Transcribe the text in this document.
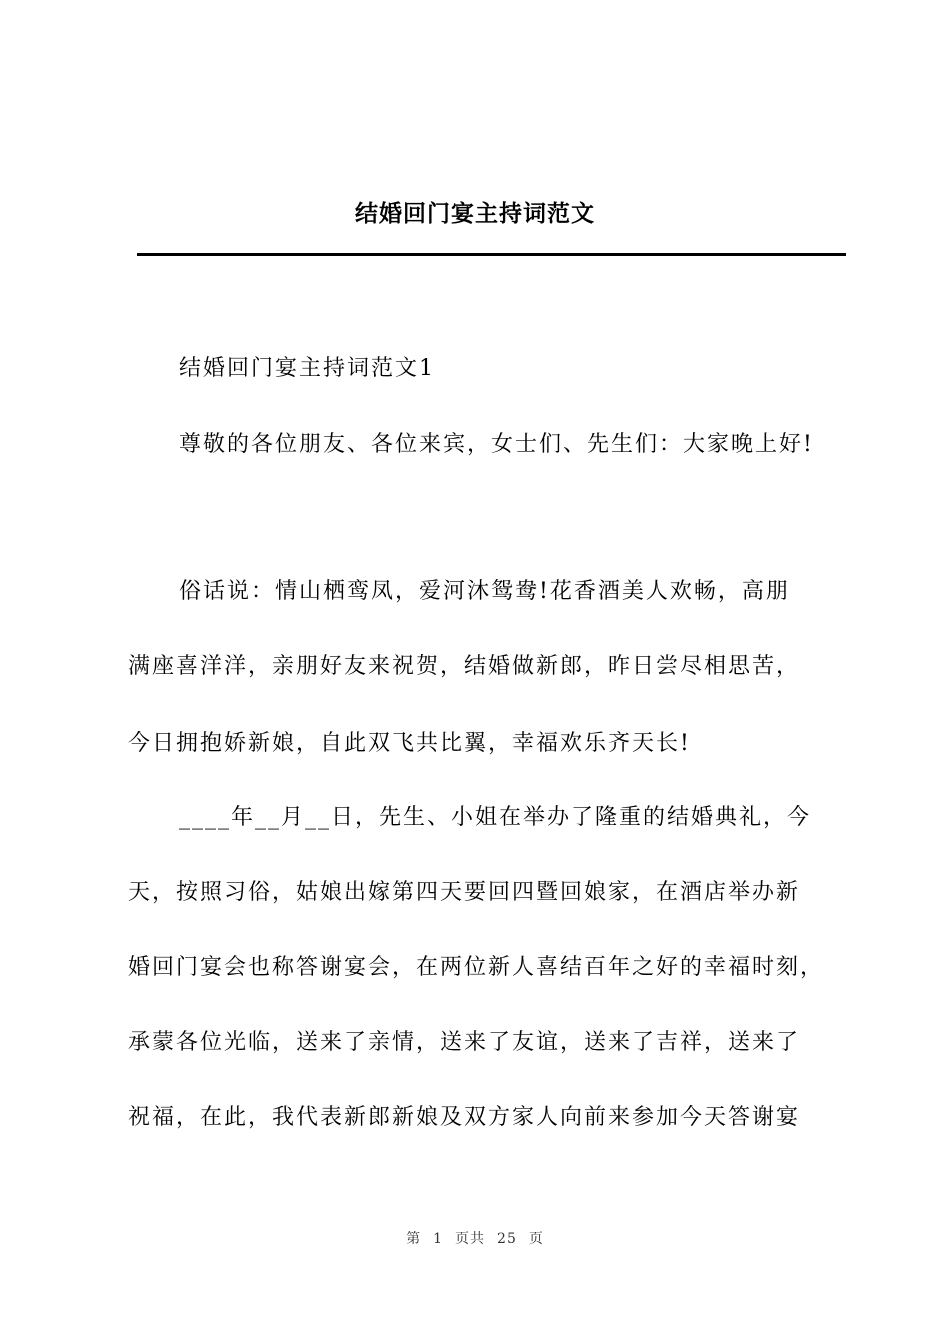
结婚回门宴主持词范文
结婚回门宴主持词范文1
尊敬的各位朋友、各位来宾，女士们、先生们：大家晚上好!
俗话说：情山栖鸾凤，爱河沐鸳鸯!花香酒美人欢畅，高朋
满座喜洋洋，亲朋好友来祝贺，结婚做新郎，昨日尝尽相思苦，
今日拥抱娇新娘，自此双飞共比翼，幸福欢乐齐天长!
____年__月__日，先生、小姐在举办了隆重的结婚典礼，今
天，按照习俗，姑娘出嫁第四天要回四暨回娘家，在酒店举办新
婚回门宴会也称答谢宴会，在两位新人喜结百年之好的幸福时刻，
承蒙各位光临，送来了亲情，送来了友谊，送来了吉祥，送来了
祝福，在此，我代表新郎新娘及双方家人向前来参加今天答谢宴
第 1 页共 25 页
